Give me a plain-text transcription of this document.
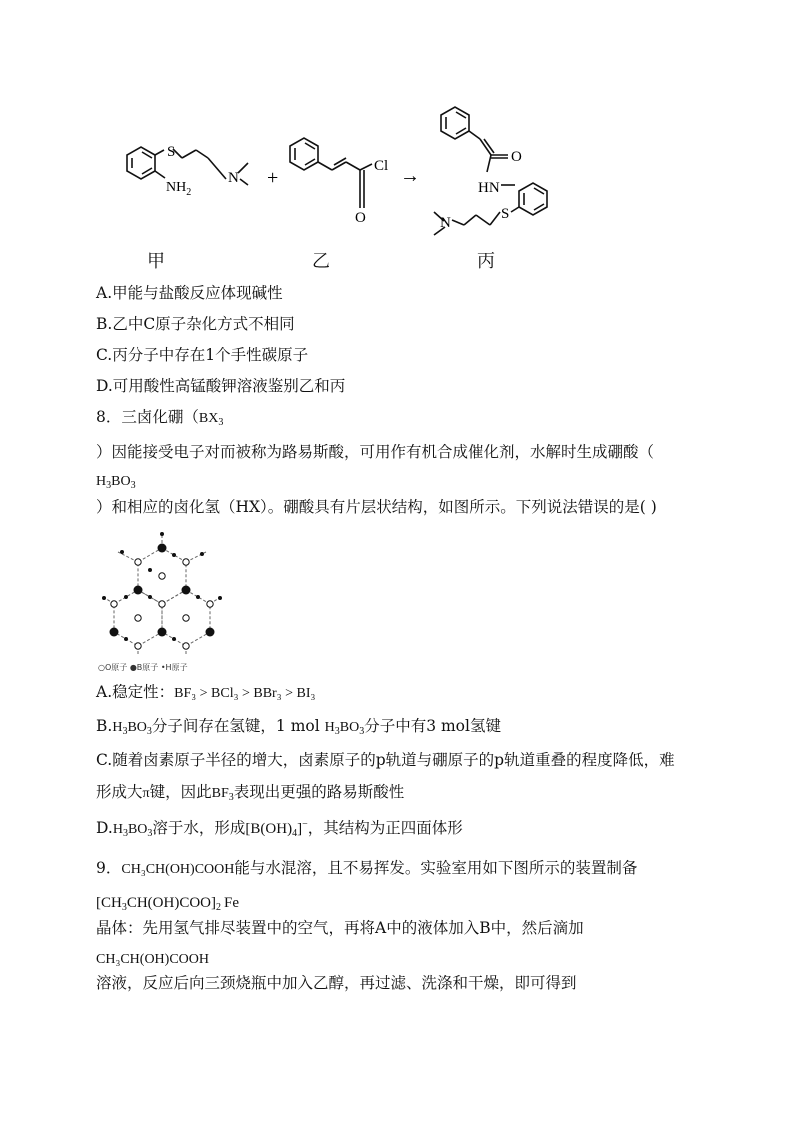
S
N
$NH_2$
+
Cl
O
→
O
HN
S
N
甲	乙	丙
A.甲能与盐酸反应体现碱性
B.乙中C原子杂化方式不相同
C.丙分子中存在1个手性碳原子
D.可用酸性高锰酸钾溶液鉴别乙和丙
8．三卤化硼（$BX_3$
）因能接受电子对而被称为路易斯酸，可用作有机合成催化剂，水解时生成硼酸（
$H_3BO_3$
）和相应的卤化氢（HX）。硼酸具有片层状结构，如图所示。下列说法错误的是( )
○O原子 ●B原子 •H原子
A.稳定性：BF₃ > BCl₃ > BBr₃ > BI₃
$B.H_3BO_3$分子间存在氢键，1 mol $H_3BO_3$分子中有3 mol氢键
C.随着卤素原子半径的增大，卤素原子的p轨道与硼原子的p轨道重叠的程度降低，难
形成大π键，因此$BF_3$表现出更强的路易斯酸性
$D.H_3BO_3$溶于水，形成$[B(OH)_4]^-$，其结构为正四面体形
9．CH₃CH(OH)COOH能与水混溶，且不易挥发。实验室用如下图所示的装置制备
$[CH_3CH(OH)COO]_2$ Fe
晶体：先用氢气排尽装置中的空气，再将A中的液体加入B中，然后滴加
CH₃CH(OH)COOH
溶液，反应后向三颈烧瓶中加入乙醇，再过滤、洗涤和干燥，即可得到
